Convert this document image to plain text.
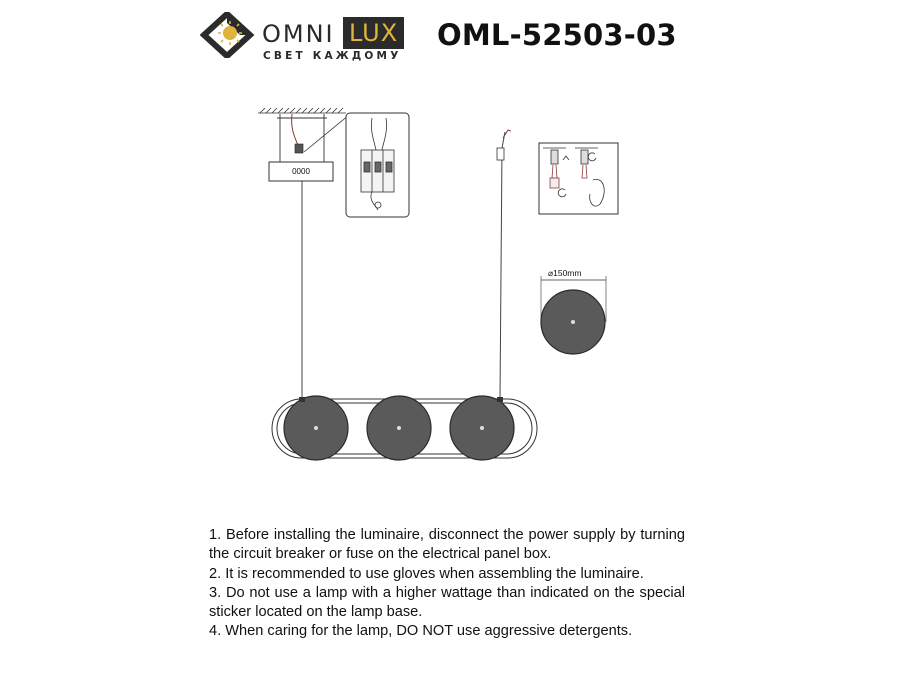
OMNI LUX
СВЕТ КАЖДОМУ
OML-52503-03
0000
⌀150mm

1. Before installing the luminaire, disconnect the power supply by turning the circuit breaker or fuse on the electrical panel box.

2. It is recommended to use gloves when assembling the luminaire.

3. Do not use a lamp with a higher wattage than indicated on the special sticker located on the lamp base.

4. When caring for the lamp, DO NOT use aggressive detergents.
